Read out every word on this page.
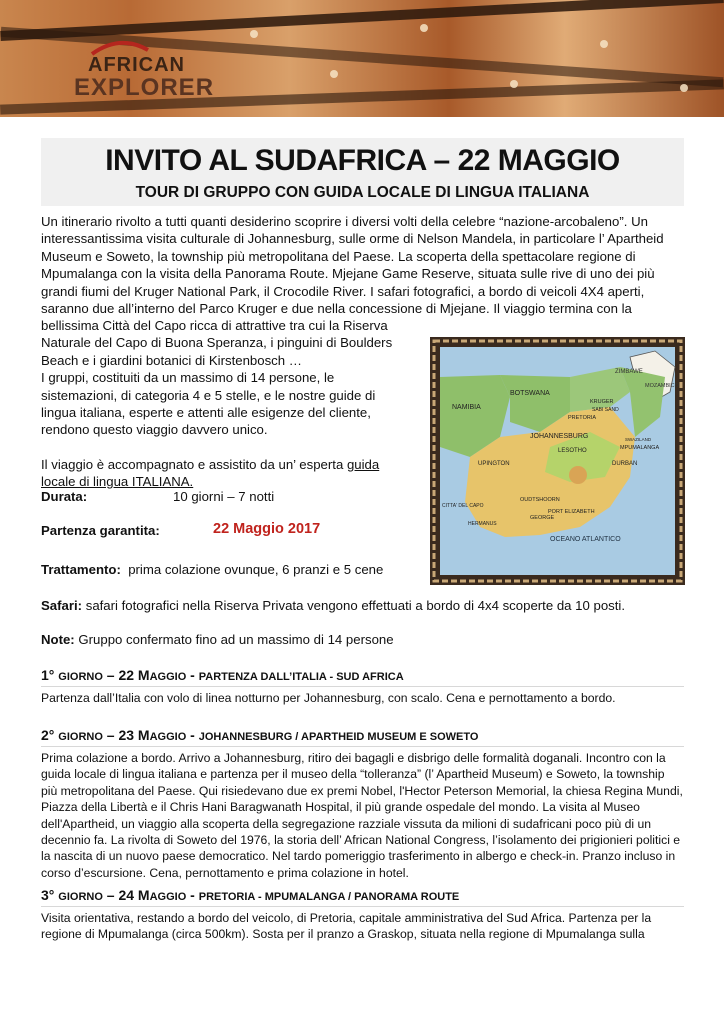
AFRICAN
EXPLORER
INVITO AL SUDAFRICA – 22 MAGGIO
TOUR DI GRUPPO CON GUIDA LOCALE DI LINGUA ITALIANA
Un itinerario rivolto a tutti quanti desiderino scoprire i diversi volti della celebre “nazione-arcobaleno”. Un
interessantissima visita culturale di Johannesburg, sulle orme di Nelson Mandela, in particolare l’ Apartheid
Museum e Soweto, la township più metropolitana del Paese. La scoperta della spettacolare regione di
Mpumalanga con la visita della Panorama Route. Mjejane Game Reserve, situata sulle rive di uno dei più
grandi fiumi del Kruger National Park, il Crocodile River. I safari fotografici, a bordo di veicoli 4X4 aperti,
saranno due all’interno del Parco Kruger e due nella concessione di Mjejane. Il viaggio termina con la
bellissima Città del Capo ricca di attrattive tra cui la Riserva
Naturale del Capo di Buona Speranza, i pinguini di Boulders
Beach e i giardini botanici di Kirstenbosch …
I gruppi, costituiti da un massimo di 14 persone, le
sistemazioni, di categoria 4 e 5 stelle, e le nostre guide di
lingua italiana, esperte e attenti alle esigenze del cliente,
rendono questo viaggio davvero unico.
Il viaggio è accompagnato e assistito da un’ esperta guida
locale di lingua ITALIANA.
ZIMBAWE
MOZAMBICO
NAMIBIA
BOTSWANA
KRUGER
SABI SAND
PRETORIA
JOHANNESBURG	SWAZILAND
LESOTHO	MPUMALANGA
DURBAN
UPINGTON
CITTA' DEL CAPO
OUDTSHOORN
GEORGE
PORT ELIZABETH
HERMANUS
OCEANO ATLANTICO
Durata:	10 giorni – 7 notti
Partenza garantita:	22 Maggio 2017
Trattamento: prima colazione ovunque, 6 pranzi e 5 cene
Safari: safari fotografici nella Riserva Privata vengono effettuati a bordo di 4x4 scoperte da 10 posti.
Note: Gruppo confermato fino ad un massimo di 14 persone
1° GIORNO – 22 MAGGIO - PARTENZA DALL’ITALIA - SUD AFRICA
Partenza dall’Italia con volo di linea notturno per Johannesburg, con scalo. Cena e pernottamento a bordo.
2° GIORNO – 23 MAGGIO - JOHANNESBURG / APARTHEID MUSEUM E SOWETO
Prima colazione a bordo. Arrivo a Johannesburg, ritiro dei bagagli e disbrigo delle formalità doganali. Incontro con la
guida locale di lingua italiana e partenza per il museo della “tolleranza” (l’ Apartheid Museum) e Soweto, la township
più metropolitana del Paese. Qui risiedevano due ex premi Nobel, l'Hector Peterson Memorial, la chiesa Regina Mundi,
Piazza della Libertà e il Chris Hani Baragwanath Hospital, il più grande ospedale del mondo. La visita al Museo
dell'Apartheid, un viaggio alla scoperta della segregazione razziale vissuta da milioni di sudafricani poco più di un
decennio fa. La rivolta di Soweto del 1976, la storia dell’ African National Congress, l’isolamento dei prigionieri politici e
la nascita di un nuovo paese democratico. Nel tardo pomeriggio trasferimento in albergo e check-in. Pranzo incluso in
corso d’escursione. Cena, pernottamento e prima colazione in hotel.
3° GIORNO – 24 MAGGIO - PRETORIA - MPUMALANGA / PANORAMA ROUTE
Visita orientativa, restando a bordo del veicolo, di Pretoria, capitale amministrativa del Sud Africa. Partenza per la
regione di Mpumalanga (circa 500km). Sosta per il pranzo a Graskop, situata nella regione di Mpumalanga sulla
